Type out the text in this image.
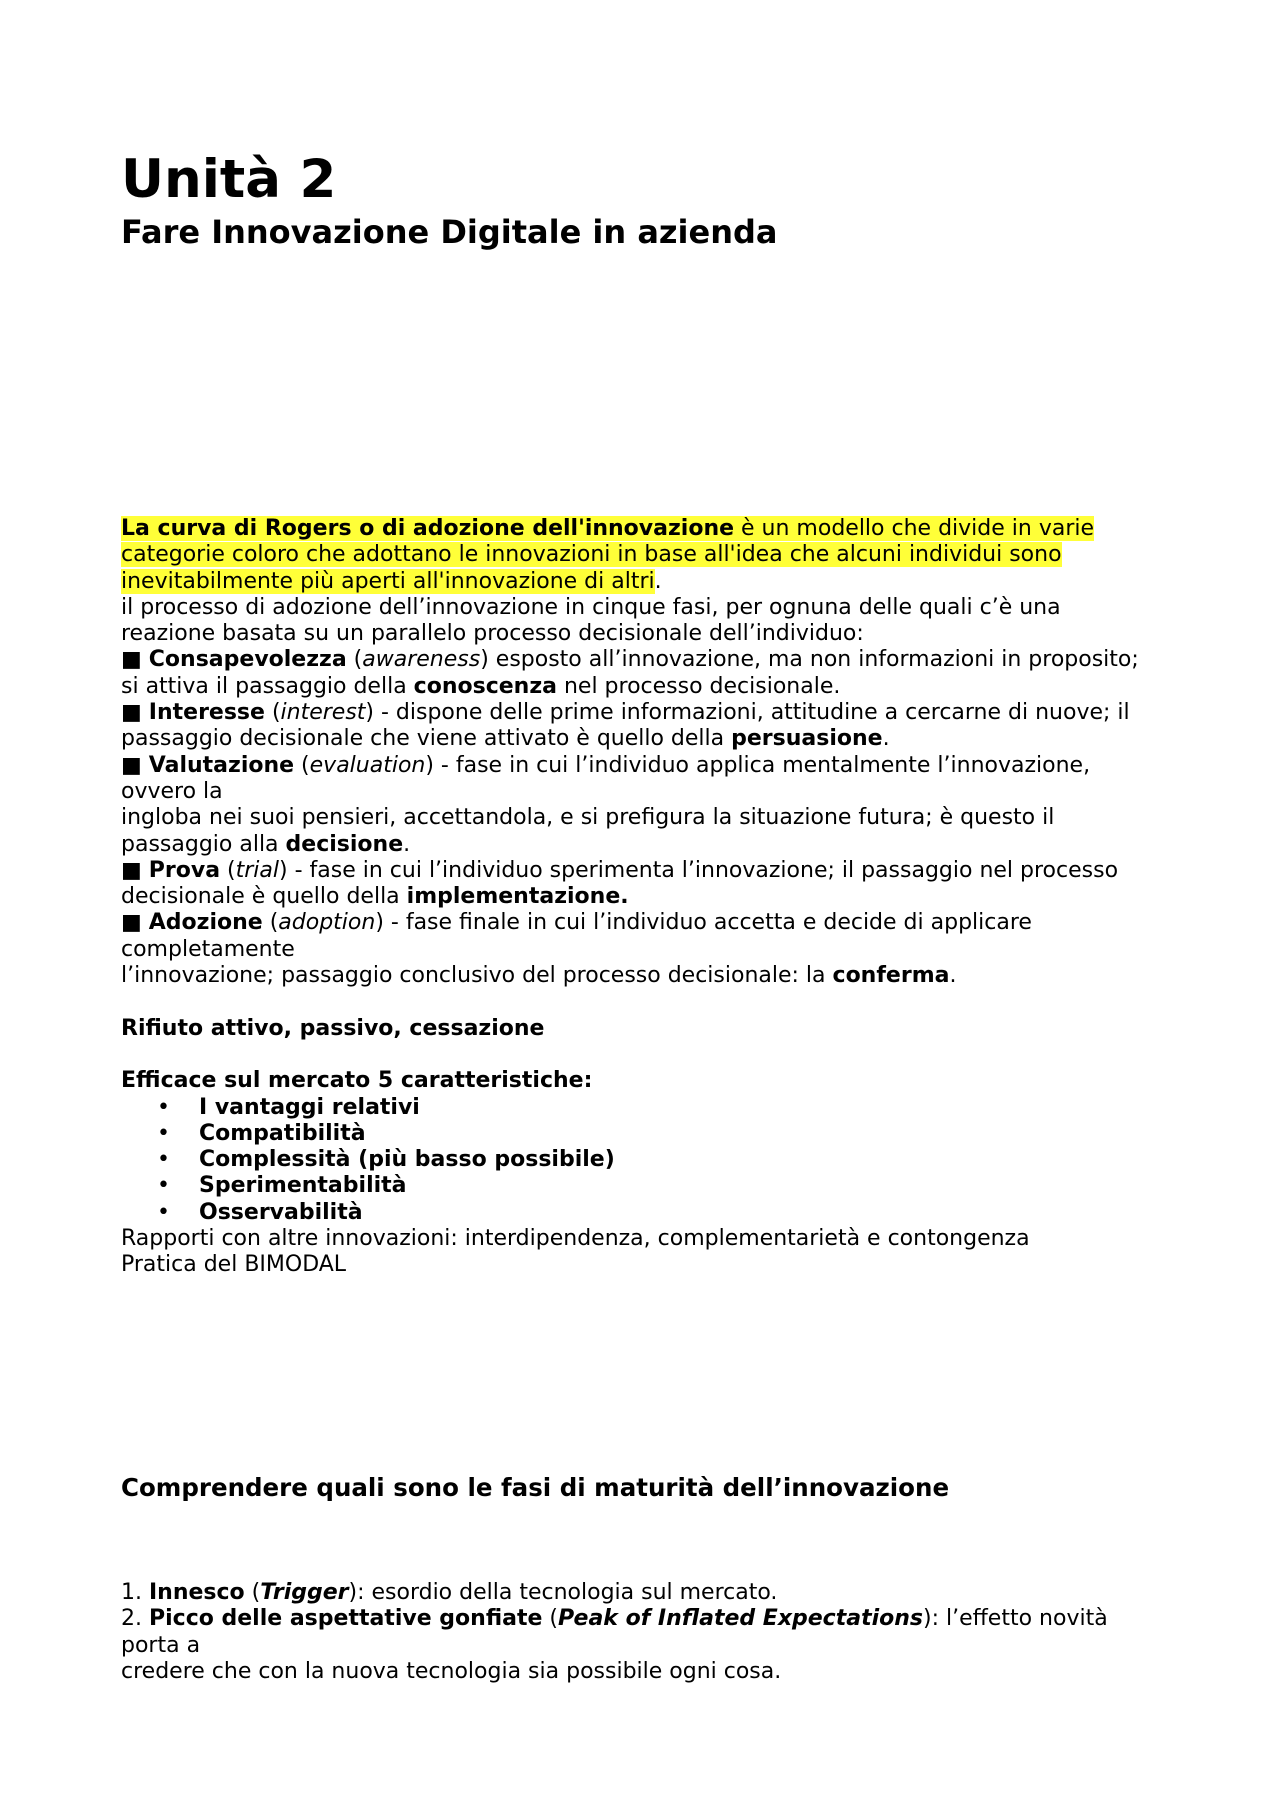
Unità 2
Fare Innovazione Digitale in azienda

La curva di Rogers o di adozione dell'innovazione è un modello che divide in varie categorie coloro che adottano le innovazioni in base all'idea che alcuni individui sono inevitabilmente più aperti all'innovazione di altri.

il processo di adozione dell’innovazione in cinque fasi, per ognuna delle quali c’è una reazione basata su un parallelo processo decisionale dell’individuo:

■ Consapevolezza (awareness) esposto all’innovazione, ma non informazioni in proposito; si attiva il passaggio della conoscenza nel processo decisionale.

■ Interesse (interest) - dispone delle prime informazioni, attitudine a cercarne di nuove; il passaggio decisionale che viene attivato è quello della persuasione.

■ Valutazione (evaluation) - fase in cui l’individuo applica mentalmente l’innovazione, ovvero la

ingloba nei suoi pensieri, accettandola, e si prefigura la situazione futura; è questo il passaggio alla decisione.

■ Prova (trial) - fase in cui l’individuo sperimenta l’innovazione; il passaggio nel processo decisionale è quello della implementazione.

■ Adozione (adoption) - fase finale in cui l’individuo accetta e decide di applicare completamente

l’innovazione; passaggio conclusivo del processo decisionale: la conferma.

Rifiuto attivo, passivo, cessazione

Efficace sul mercato 5 caratteristiche:

• I vantaggi relativi
• Compatibilità
• Complessità (più basso possibile)
• Sperimentabilità
• Osservabilità

Rapporti con altre innovazioni: interdipendenza, complementarietà e contongenza

Pratica del BIMODAL

Comprendere quali sono le fasi di maturità dell’innovazione

1. Innesco (Trigger): esordio della tecnologia sul mercato.

2. Picco delle aspettative gonfiate (Peak of Inflated Expectations): l’effetto novità porta a

credere che con la nuova tecnologia sia possibile ogni cosa.
